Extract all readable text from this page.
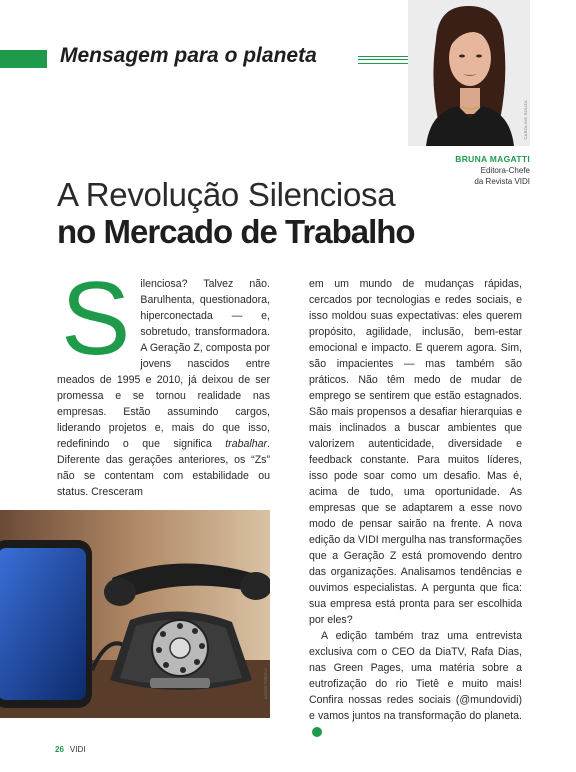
Mensagem para o planeta
CAROLINE SOUZA
BRUNA MAGATTI
Editora-Chefe
da Revista VIDI
A Revolução Silenciosa
no Mercado de Trabalho
S ilenciosa? Talvez não. Barulhenta, questionadora, hiperconectada — e, sobretudo, transformadora. A Geração Z, composta por jovens nascidos entre meados de 1995 e 2010, já deixou de ser promessa e se tornou realidade nas empresas. Estão assumindo cargos, liderando projetos e, mais do que isso, redefinindo o que significa trabalhar. Diferente das gerações anteriores, os “Zs” não se contentam com estabilidade ou status. Cresceram

em um mundo de mudanças rápidas, cercados por tecnologias e redes sociais, e isso moldou suas expectativas: eles querem propósito, agilidade, inclusão, bem-estar emocional e impacto. E querem agora. Sim, são impacientes — mas também são práticos. Não têm medo de mudar de emprego se sentirem que estão estagnados. São mais propensos a desafiar hierarquias e mais inclinados a buscar ambientes que valorizem autenticidade, diversidade e feedback constante. Para muitos líderes, isso pode soar como um desafio. Mas é, acima de tudo, uma oportunidade. As empresas que se adaptarem a esse novo modo de pensar sairão na frente. A nova edição da VIDI mergulha nas transformações que a Geração Z está promovendo dentro das organizações. Analisamos tendências e ouvimos especialistas. A pergunta que fica: sua empresa está pronta para ser escolhida por eles?

A edição também traz uma entrevista exclusiva com o CEO da DiaTV, Rafa Dias, nas Green Pages, uma matéria sobre a eutrofização do rio Tietê e muito mais! Confira nossas redes sociais (@mundovidi) e vamos juntos na transformação do planeta.✓

ADOBE FIREFLY
26 VIDI
